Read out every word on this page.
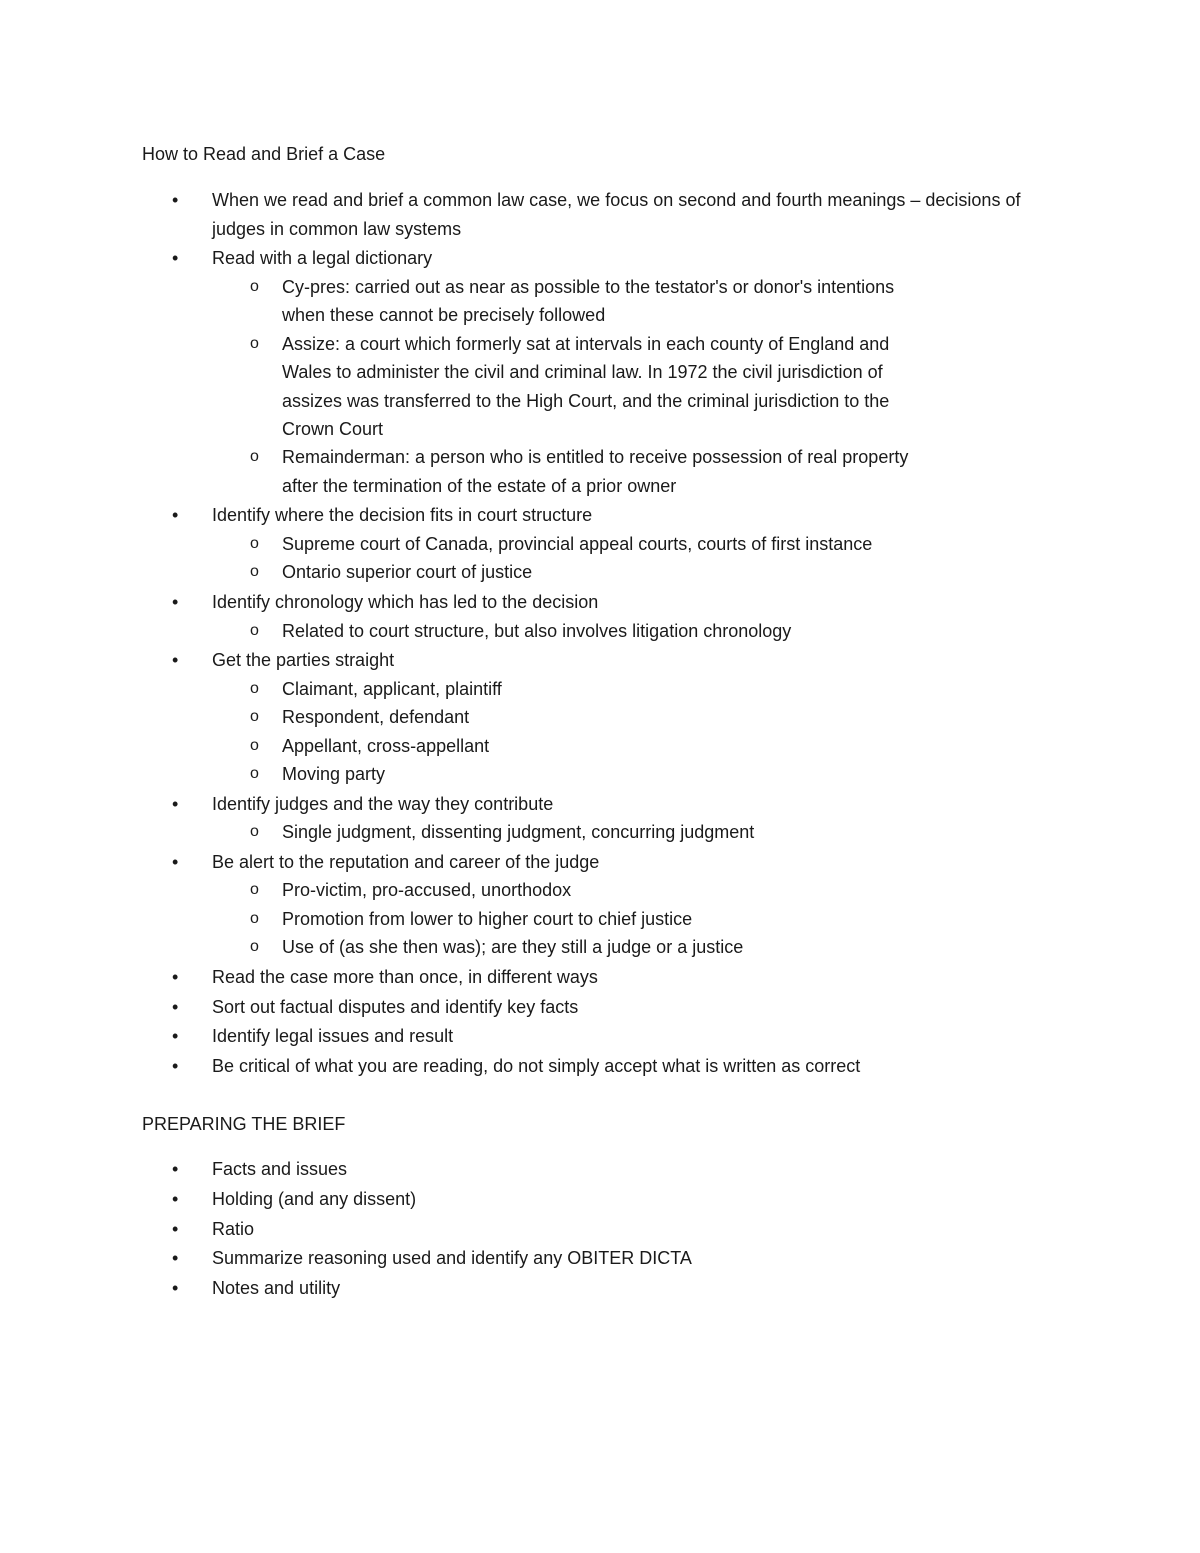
How to Read and Brief a Case
• When we read and brief a common law case, we focus on second and fourth meanings – decisions of judges in common law systems
• Read with a legal dictionary
o Cy-pres: carried out as near as possible to the testator's or donor's intentions when these cannot be precisely followed
o Assize: a court which formerly sat at intervals in each county of England and Wales to administer the civil and criminal law. In 1972 the civil jurisdiction of assizes was transferred to the High Court, and the criminal jurisdiction to the Crown Court
o Remainderman: a person who is entitled to receive possession of real property after the termination of the estate of a prior owner
• Identify where the decision fits in court structure
o Supreme court of Canada, provincial appeal courts, courts of first instance
o Ontario superior court of justice
• Identify chronology which has led to the decision
o Related to court structure, but also involves litigation chronology
• Get the parties straight
o Claimant, applicant, plaintiff
o Respondent, defendant
o Appellant, cross-appellant
o Moving party
• Identify judges and the way they contribute
o Single judgment, dissenting judgment, concurring judgment
• Be alert to the reputation and career of the judge
o Pro-victim, pro-accused, unorthodox
o Promotion from lower to higher court to chief justice
o Use of (as she then was); are they still a judge or a justice
• Read the case more than once, in different ways
• Sort out factual disputes and identify key facts
• Identify legal issues and result
• Be critical of what you are reading, do not simply accept what is written as correct
PREPARING THE BRIEF
• Facts and issues
• Holding (and any dissent)
• Ratio
• Summarize reasoning used and identify any OBITER DICTA
• Notes and utility
